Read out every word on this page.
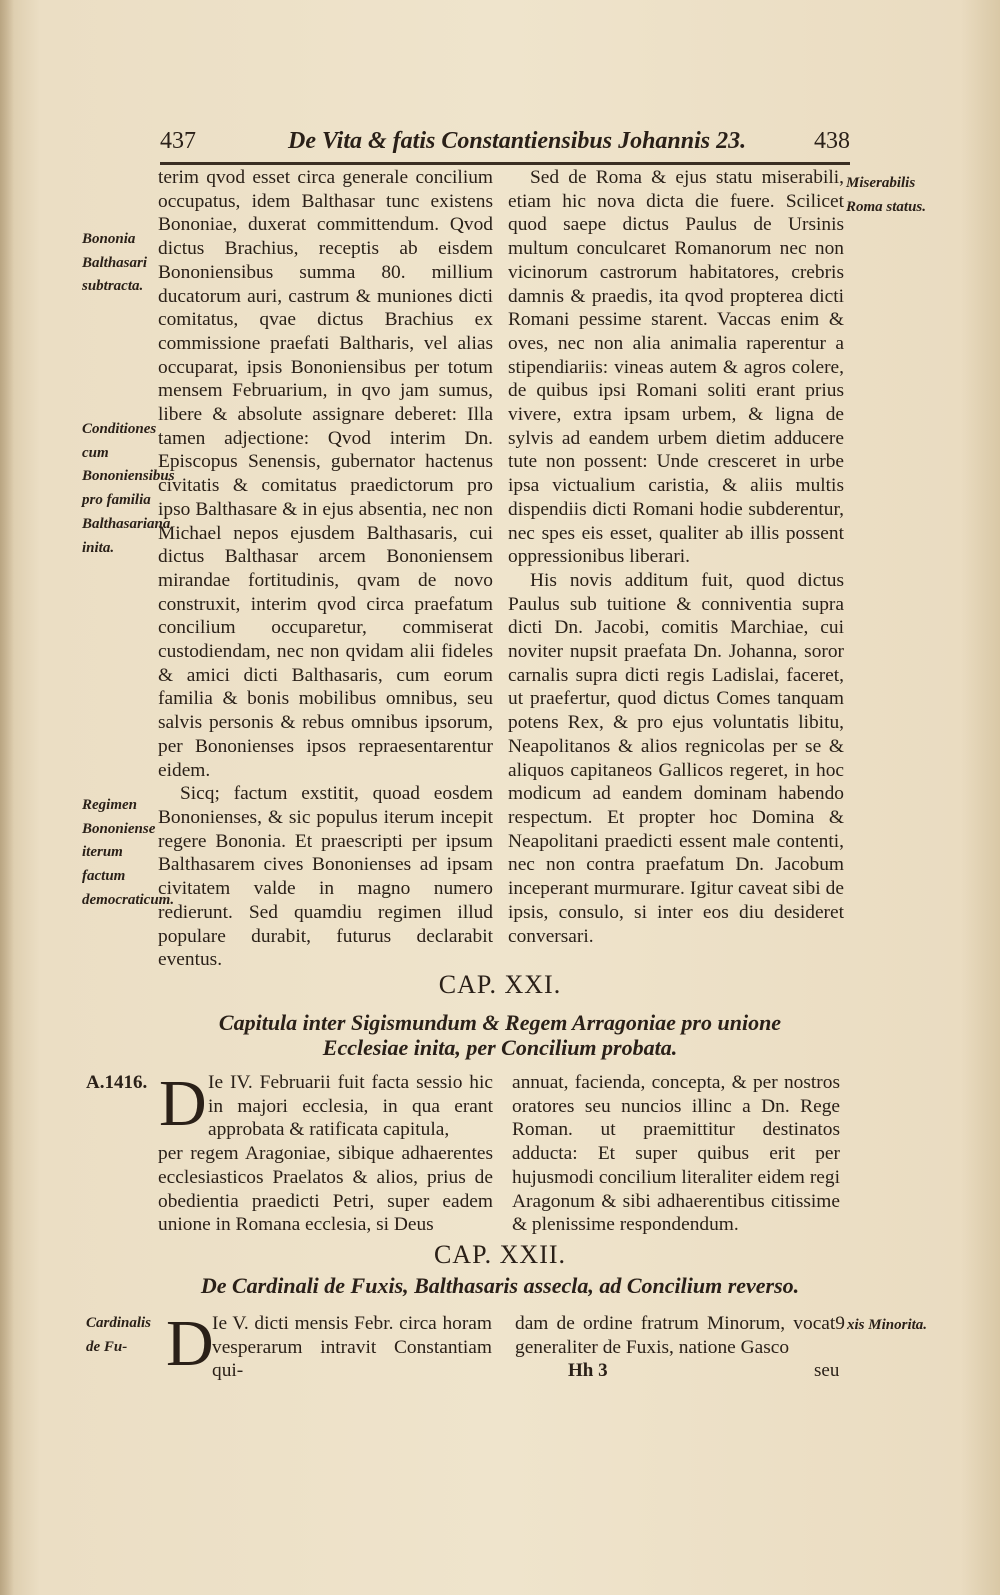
437	De Vita & fatis Constantiensibus Johannis 23.	438

terim qvod esset circa generale concilium occupatus, idem Balthasar tunc existens Bononiae, duxerat committendum. Qvod dictus Brachius, receptis ab eisdem Bononiensibus summa 80. millium ducatorum auri, castrum & muniones dicti comitatus, qvae dictus Brachius ex commissione praefati Baltharis, vel alias occuparat, ipsis Bononiensibus per totum mensem Februarium, in qvo jam sumus, libere & absolute assignare deberet: Illa tamen adjectione: Qvod interim Dn. Episcopus Senensis, gubernator hactenus civitatis & comitatus praedictorum pro ipso Balthasare & in ejus absentia, nec non Michael nepos ejusdem Balthasaris, cui dictus Balthasar arcem Bononiensem mirandae fortitudinis, qvam de novo construxit, interim qvod circa praefatum concilium occuparetur, commiserat custodiendam, nec non qvidam alii fideles & amici dicti Balthasaris, cum eorum familia & bonis mobilibus omnibus, seu salvis personis & rebus omnibus ipsorum, per Bononienses ipsos repraesentarentur eidem.

Sicq; factum exstitit, quoad eosdem Bononienses, & sic populus iterum incepit regere Bononia. Et praescripti per ipsum Balthasarem cives Bononienses ad ipsam civitatem valde in magno numero redierunt. Sed quamdiu regimen illud populare durabit, futurus declarabit eventus.

Sed de Roma & ejus statu miserabili, etiam hic nova dicta die fuere. Scilicet quod saepe dictus Paulus de Ursinis multum conculcaret Romanorum nec non vicinorum castrorum habitatores, crebris damnis & praedis, ita qvod propterea dicti Romani pessime starent. Vaccas enim & oves, nec non alia animalia raperentur a stipendiariis: vineas autem & agros colere, de quibus ipsi Romani soliti erant prius vivere, extra ipsam urbem, & ligna de sylvis ad eandem urbem dietim adducere tute non possent: Unde cresceret in urbe ipsa victualium caristia, & aliis multis dispendiis dicti Romani hodie subderentur, nec spes eis esset, qualiter ab illis possent oppressionibus liberari.

His novis additum fuit, quod dictus Paulus sub tuitione & conniventia supra dicti Dn. Jacobi, comitis Marchiae, cui noviter nupsit praefata Dn. Johanna, soror carnalis supra dicti regis Ladislai, faceret, ut praefertur, quod dictus Comes tanquam potens Rex, & pro ejus voluntatis libitu, Neapolitanos & alios regnicolas per se & aliquos capitaneos Gallicos regeret, in hoc modicum ad eandem dominam habendo respectum. Et propter hoc Domina & Neapolitani praedicti essent male contenti, nec non contra praefatum Dn. Jacobum inceperant murmurare. Igitur caveat sibi de ipsis, consulo, si inter eos diu desideret conversari.

Bononia Balthasari subtracta.

Conditiones cum Bononiensibus pro familia Balthasariana inita.

Regimen Bononiense iterum factum democraticum.

Miserabilis Roma status.

CAP. XXI.
Capitula inter Sigismundum & Regem Arragoniae pro unione
Ecclesiae inita, per Concilium probata.
A.1416. D Ie IV. Februarii fuit facta sessio hic in majori ecclesia, in qua erant approbata & ratificata capitula,

per regem Aragoniae, sibique adhaerentes ecclesiasticos Praelatos & alios, prius de obedientia praedicti Petri, super eadem unione in Romana ecclesia, si Deus

annuat, facienda, concepta, & per nostros oratores seu nuncios illinc a Dn. Rege Roman. ut praemittitur destinatos adducta: Et super quibus erit per hujusmodi concilium literaliter eidem regi Aragonum & sibi adhaerentibus citissime & plenissime respondendum.

CAP. XXII.
De Cardinali de Fuxis, Balthasaris assecla, ad Concilium reverso.
D

Cardinalis de Fu-

Ie V. dicti mensis Febr. circa horam vesperarum intravit Constantiam qui-

dam de ordine fratrum Minorum, vocat9 generaliter de Fuxis, natione Gasco

xis Minorita.

Hh 3	seu
